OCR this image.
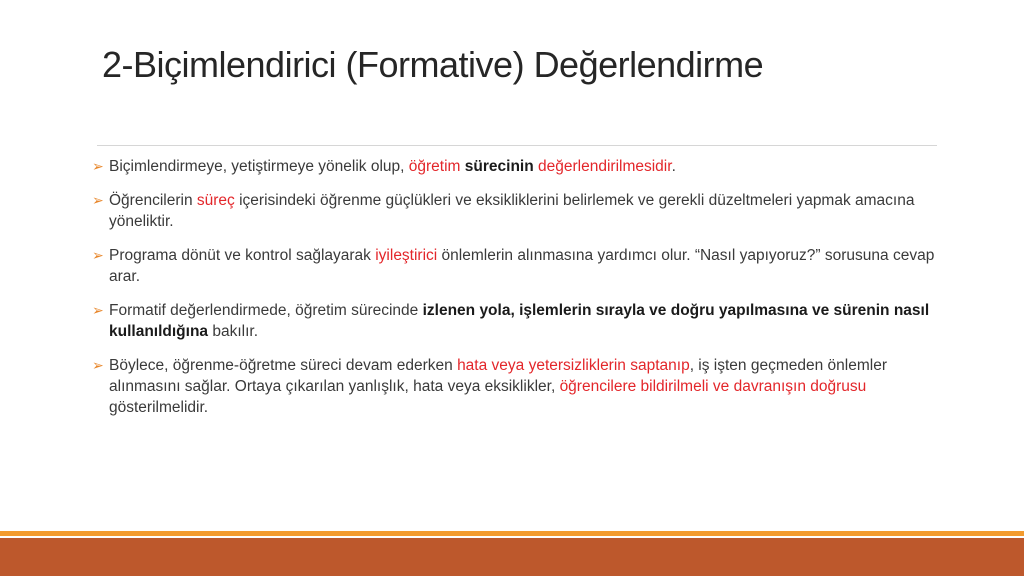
2-Biçimlendirici (Formative) Değerlendirme
➢ Biçimlendirmeye, yetiştirmeye yönelik olup, öğretim sürecinin değerlendirilmesidir.
➢ Öğrencilerin süreç içerisindeki öğrenme güçlükleri ve eksikliklerini belirlemek ve gerekli düzeltmeleri yapmak amacına yöneliktir.
➢ Programa dönüt ve kontrol sağlayarak iyileştirici önlemlerin alınmasına yardımcı olur. “Nasıl yapıyoruz?” sorusuna cevap arar.
➢ Formatif değerlendirmede, öğretim sürecinde izlenen yola, işlemlerin sırayla ve doğru yapılmasına ve sürenin nasıl kullanıldığına bakılır.
➢ Böylece, öğrenme-öğretme süreci devam ederken hata veya yetersizliklerin saptanıp, iş işten geçmeden önlemler alınmasını sağlar. Ortaya çıkarılan yanlışlık, hata veya eksiklikler, öğrencilere bildirilmeli ve davranışın doğrusu gösterilmelidir.
